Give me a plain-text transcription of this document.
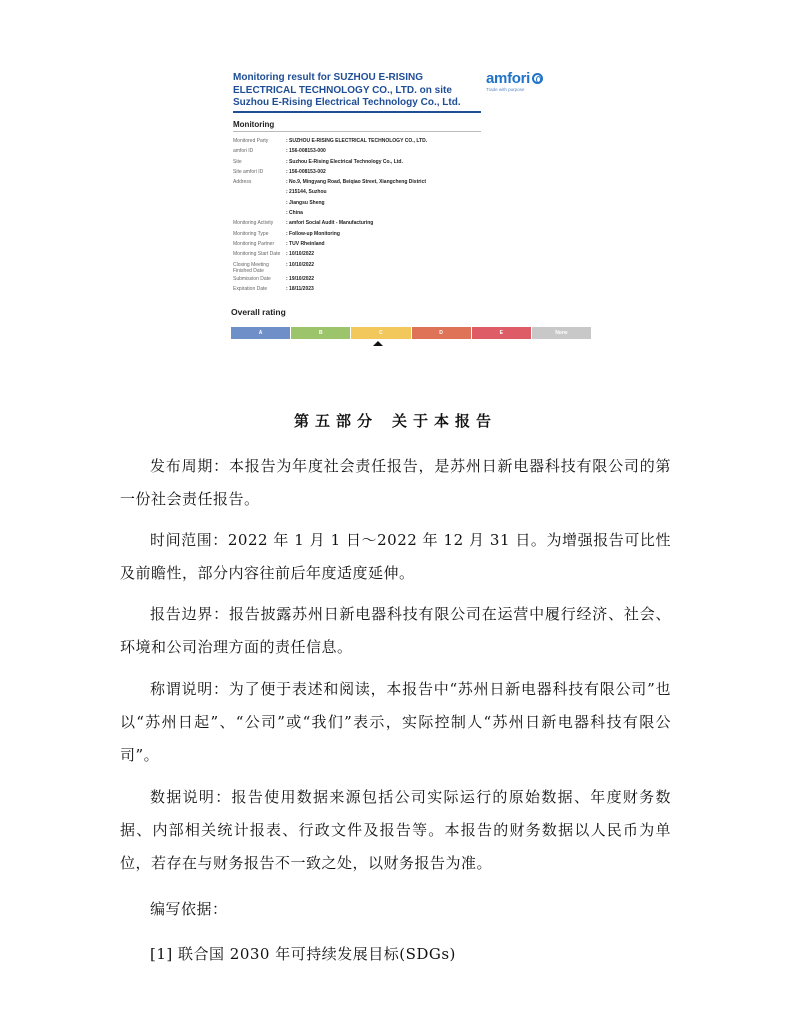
Monitoring result for SUZHOU E-RISING
ELECTRICAL TECHNOLOGY CO., LTD. on site
Suzhou E-Rising Electrical Technology Co., Ltd.
amfori
Trade with purpose
Monitoring
Monitored Party	: SUZHOU E-RISING ELECTRICAL TECHNOLOGY CO., LTD.
amfori ID	: 156-008153-000
Site	: Suzhou E-Rising Electrical Technology Co., Ltd.
Site amfori ID	: 156-008153-002
Address	: No.9, Mingyang Road, Beiqiao Street, Xiangcheng District
: 215144, Suzhou
: Jiangsu Sheng
: China
Monitoring Activity	: amfori Social Audit - Manufacturing
Monitoring Type	: Follow-up Monitoring
Monitoring Partner	: TUV Rheinland
Monitoring Start Date	: 10/10/2022
Closing Meeting Finished Date
: 10/10/2022
Submission Date	: 19/10/2022
Expiration Date	: 18/11/2023
Overall rating
A	B	C	D	E	None
第五部分 关于本报告

发布周期：本报告为年度社会责任报告，是苏州日新电器科技有限公司的第一份社会责任报告。

时间范围：2022 年 1 月 1 日～2022 年 12 月 31 日。为增强报告可比性及前瞻性，部分内容往前后年度适度延伸。

报告边界：报告披露苏州日新电器科技有限公司在运营中履行经济、社会、环境和公司治理方面的责任信息。

称谓说明：为了便于表述和阅读，本报告中“苏州日新电器科技有限公司”也以“苏州日起”、“公司”或“我们”表示，实际控制人“苏州日新电器科技有限公司”。

数据说明：报告使用数据来源包括公司实际运行的原始数据、年度财务数据、内部相关统计报表、行政文件及报告等。本报告的财务数据以人民币为单位，若存在与财务报告不一致之处，以财务报告为准。

编写依据：

[1] 联合国 2030 年可持续发展目标(SDGs)
